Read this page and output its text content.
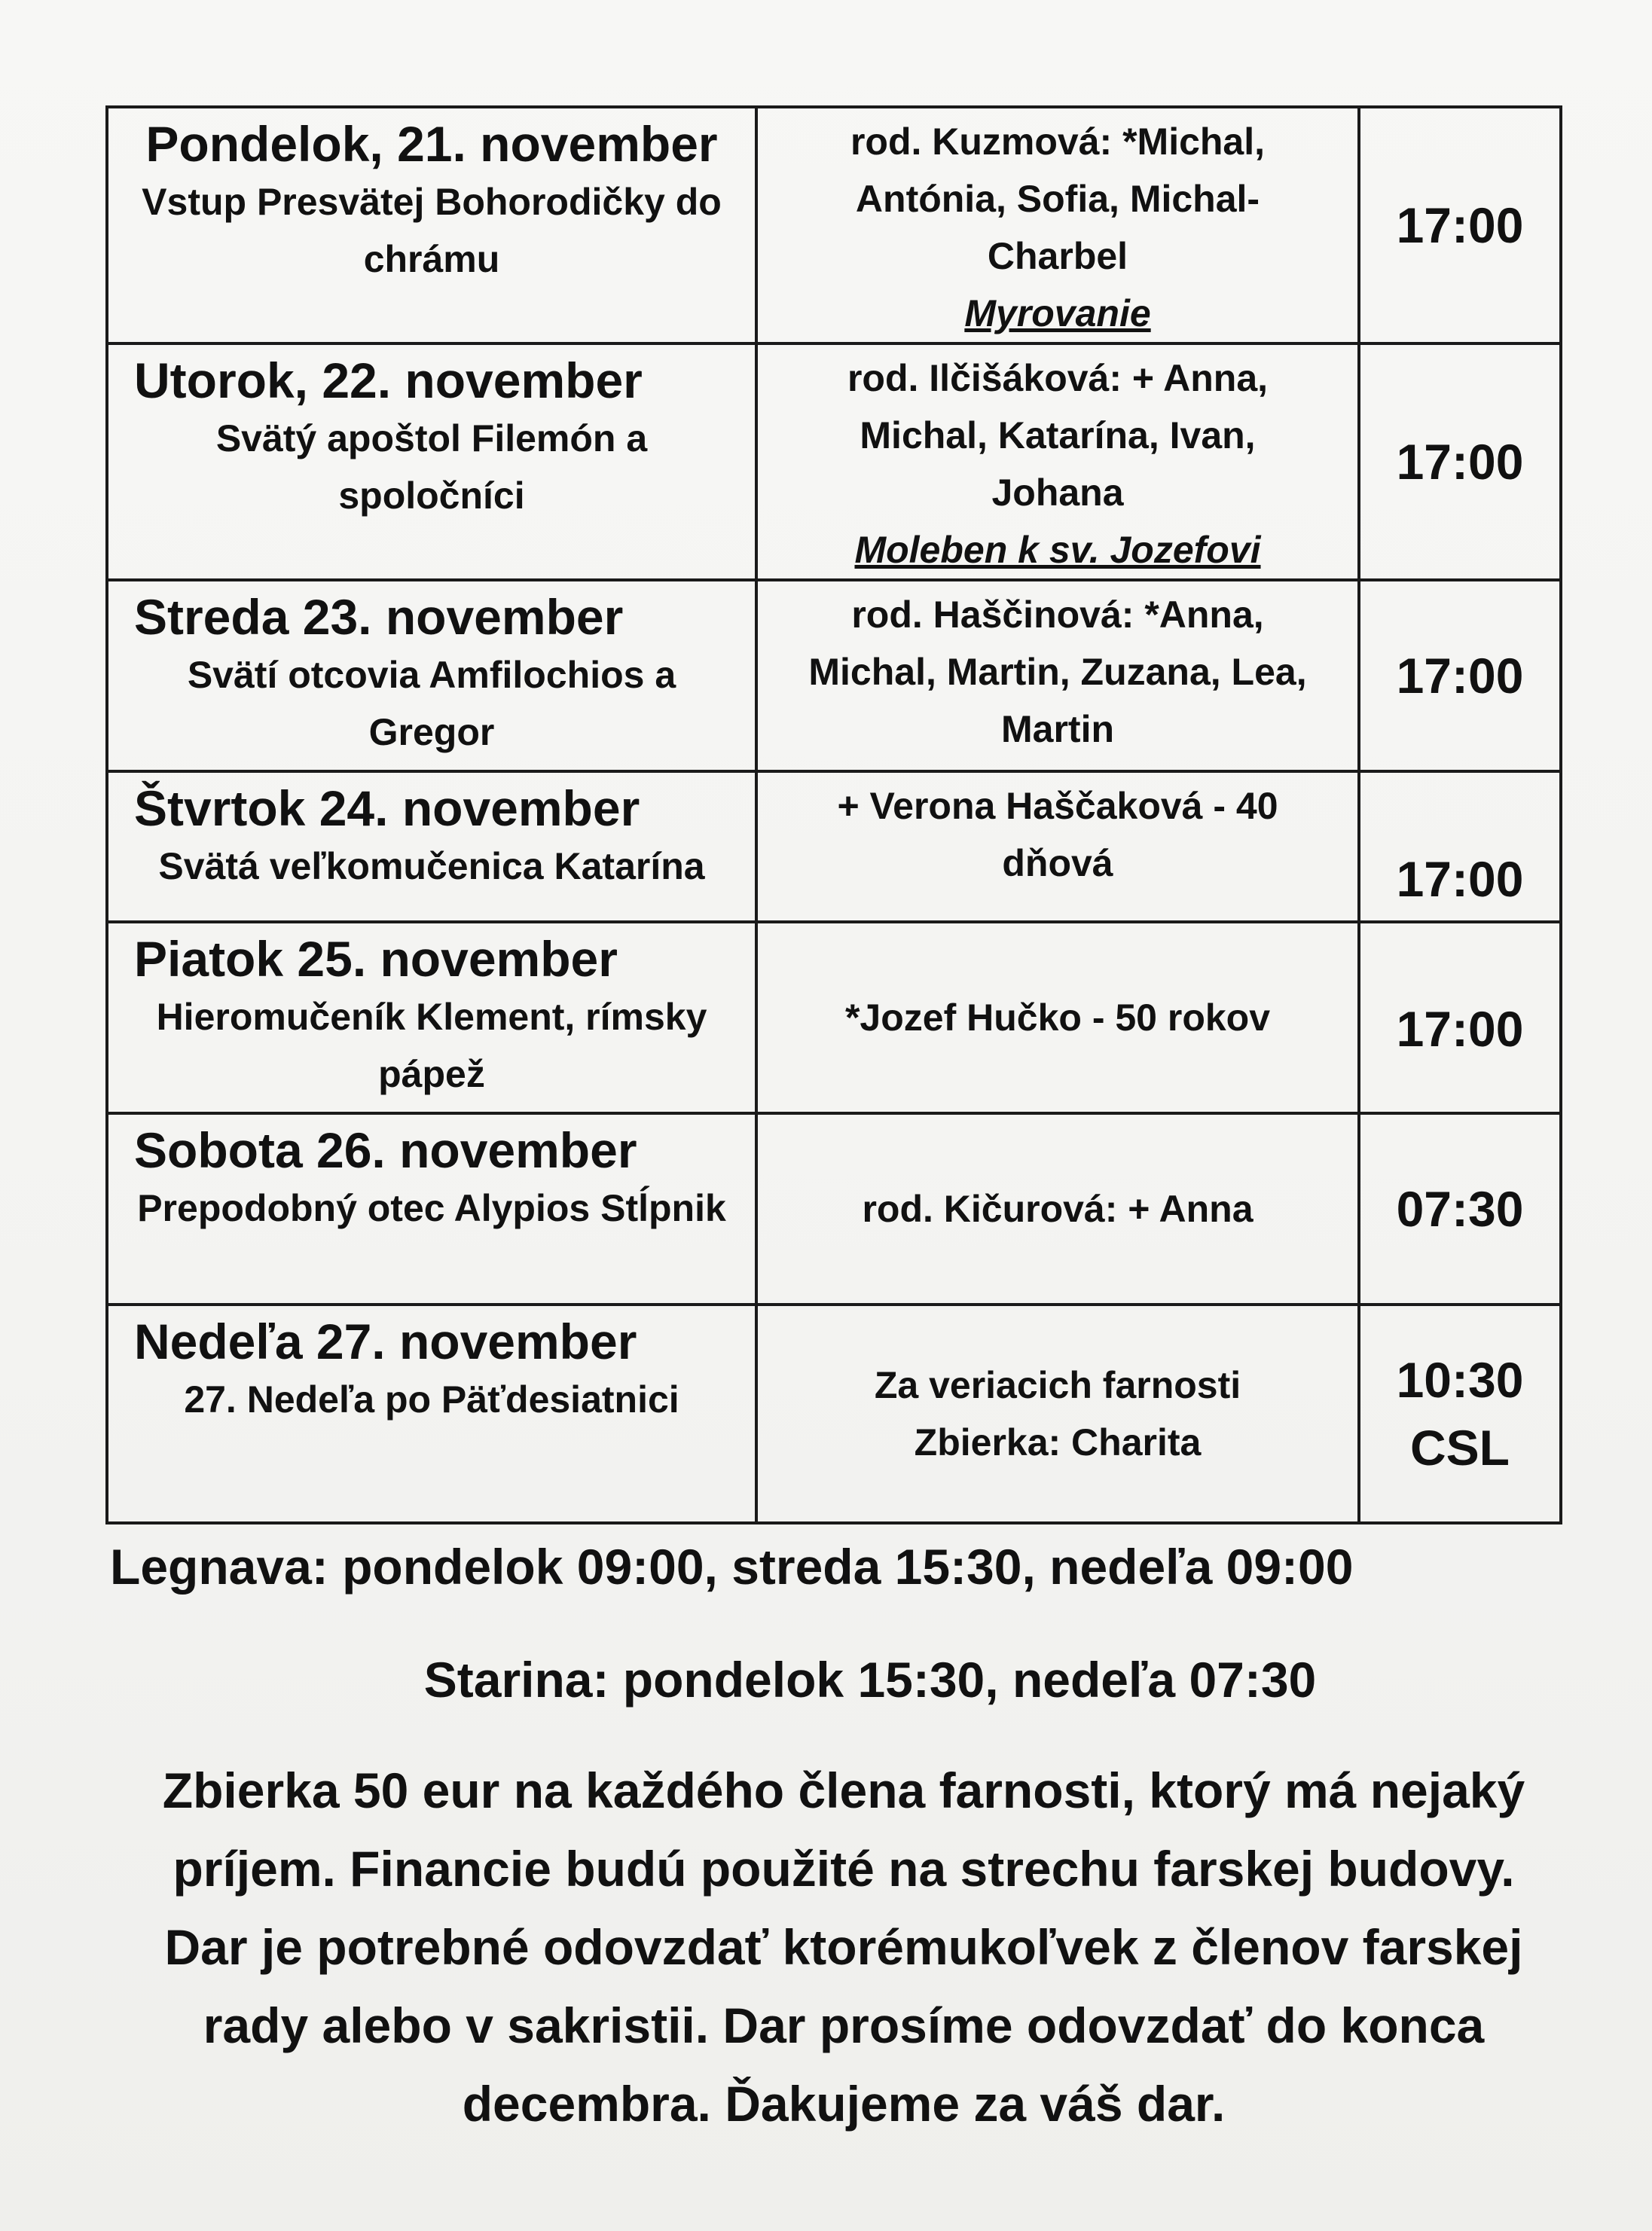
Pondelok, 21. november
Vstup Presvätej Bohorodičky do chrámu	rod. Kuzmová: *Michal,
Antónia, Sofia, Michal-
Charbel
Myrovanie	17:00

Utorok, 22. november
Svätý apoštol Filemón a spoločníci	rod. Ilčišáková: + Anna,
Michal, Katarína, Ivan,
Johana
Moleben k sv. Jozefovi	17:00

Streda 23. november
Svätí otcovia Amfilochios a Gregor	rod. Haščinová: *Anna,
Michal, Martin, Zuzana, Lea,
Martin	17:00

Štvrtok 24. november
Svätá veľkomučenica Katarína	+ Verona Haščaková - 40
dňová	17:00

Piatok 25. november
Hieromučeník Klement, rímsky pápež	*Jozef Hučko - 50 rokov	17:00

Sobota 26. november
Prepodobný otec Alypios Stĺpnik	rod. Kičurová: + Anna	07:30

Nedeľa 27. november
27. Nedeľa po Päťdesiatnici	Za veriacich farnosti
Zbierka: Charita	10:30
CSL
Legnava: pondelok 09:00, streda 15:30, nedeľa 09:00
Starina: pondelok 15:30, nedeľa 07:30
Zbierka 50 eur na každého člena farnosti, ktorý má nejaký
príjem. Financie budú použité na strechu farskej budovy.
Dar je potrebné odovzdať ktorémukoľvek z členov farskej
rady alebo v sakristii. Dar prosíme odovzdať do konca
decembra. Ďakujeme za váš dar.
